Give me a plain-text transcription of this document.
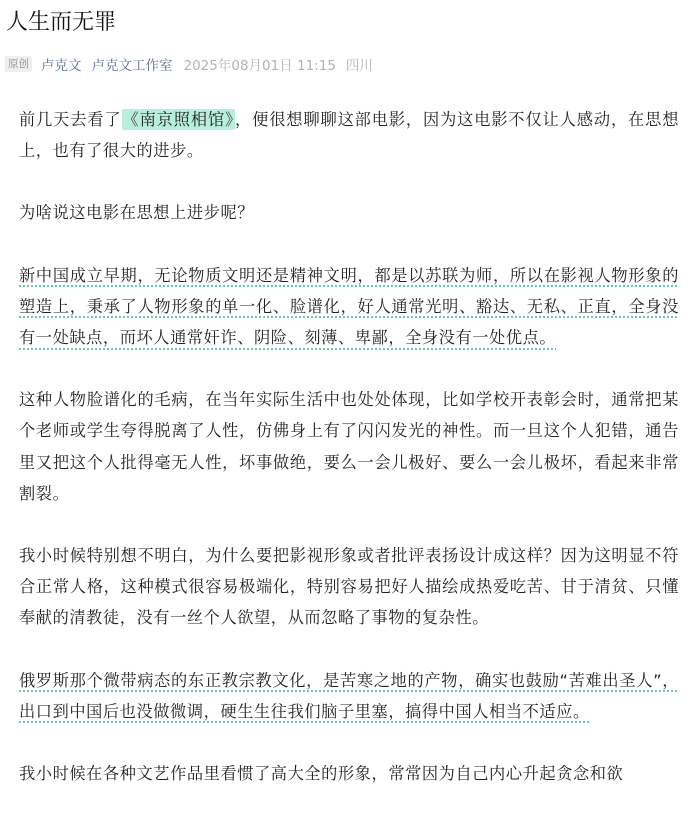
人生而无罪
原创 卢克文 卢克文工作室 2025年08月01日 11:15 四川

前几天去看了《南京照相馆》，便很想聊聊这部电影，因为这电影不仅让人感动，在思想上，也有了很大的进步。

为啥说这电影在思想上进步呢？

新中国成立早期，无论物质文明还是精神文明，都是以苏联为师，所以在影视人物形象的塑造上，秉承了人物形象的单一化、脸谱化，好人通常光明、豁达、无私、正直，全身没有一处缺点，而坏人通常奸诈、阴险、刻薄、卑鄙，全身没有一处优点。

这种人物脸谱化的毛病，在当年实际生活中也处处体现，比如学校开表彰会时，通常把某个老师或学生夸得脱离了人性，仿佛身上有了闪闪发光的神性。而一旦这个人犯错，通告里又把这个人批得毫无人性，坏事做绝，要么一会儿极好、要么一会儿极坏，看起来非常割裂。

我小时候特别想不明白，为什么要把影视形象或者批评表扬设计成这样？因为这明显不符合正常人格，这种模式很容易极端化，特别容易把好人描绘成热爱吃苦、甘于清贫、只懂奉献的清教徒，没有一丝个人欲望，从而忽略了事物的复杂性。

俄罗斯那个微带病态的东正教宗教文化，是苦寒之地的产物，确实也鼓励“苦难出圣人”，出口到中国后也没做微调，硬生生往我们脑子里塞，搞得中国人相当不适应。

我小时候在各种文艺作品里看惯了高大全的形象，常常因为自己内心升起贪念和欲
